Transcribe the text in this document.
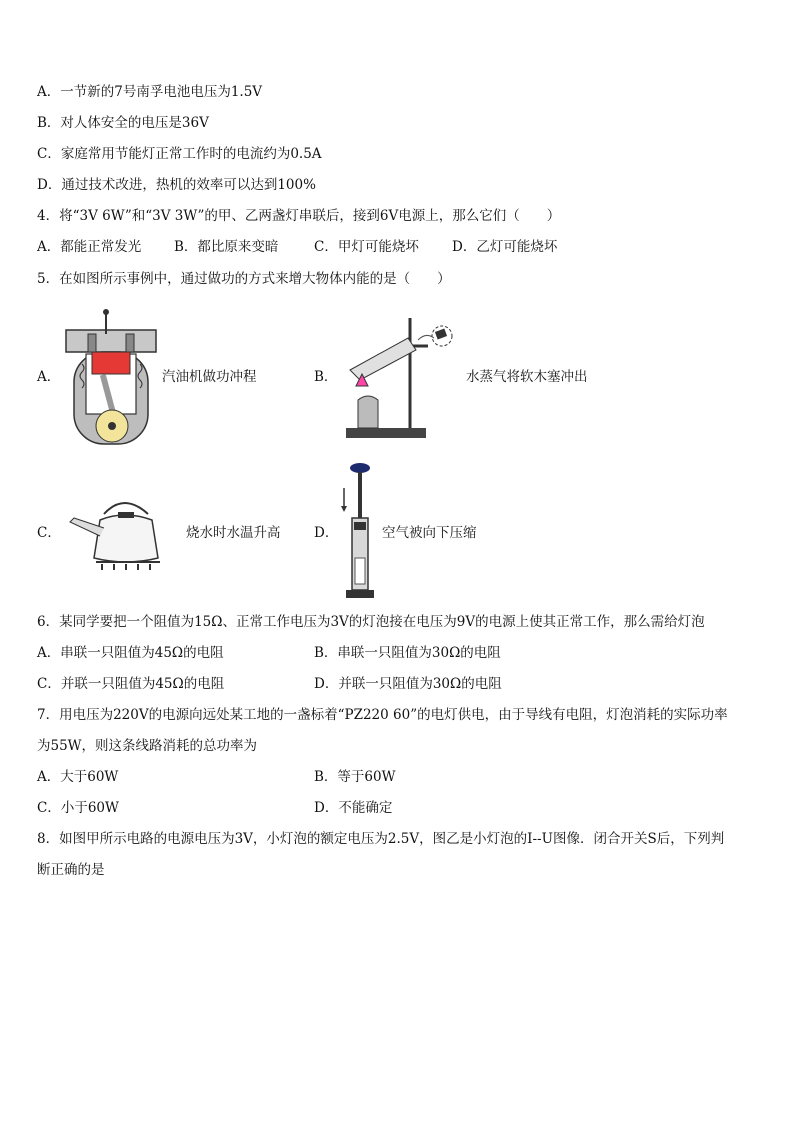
A．一节新的7号南孚电池电压为1.5V
B．对人体安全的电压是36V
C．家庭常用节能灯正常工作时的电流约为0.5A
D．通过技术改进，热机的效率可以达到100%
4．将“3V 6W”和“3V 3W”的甲、乙两盏灯串联后，接到6V电源上，那么它们（　　）
A．都能正常发光 B．都比原来变暗	C．甲灯可能烧坏 D．乙灯可能烧坏
5．在如图所示事例中，通过做功的方式来增大物体内能的是（　　）
A．	汽油机做功冲程	B．	水蒸气将软木塞冲出
C．	烧水时水温升高 D．	空气被向下压缩
6．某同学要把一个阻值为15Ω、正常工作电压为3V的灯泡接在电压为9V的电源上使其正常工作，那么需给灯泡
A．串联一只阻值为45Ω的电阻	B．串联一只阻值为30Ω的电阻
C．并联一只阻值为45Ω的电阻	D．并联一只阻值为30Ω的电阻
7．用电压为220V的电源向远处某工地的一盏标着“PZ220 60”的电灯供电，由于导线有电阻，灯泡消耗的实际功率
为55W，则这条线路消耗的总功率为
A．大于60W	B．等于60W
C．小于60W	D．不能确定
8．如图甲所示电路的电源电压为3V，小灯泡的额定电压为2.5V，图乙是小灯泡的I--U图像．闭合开关S后，下列判
断正确的是
